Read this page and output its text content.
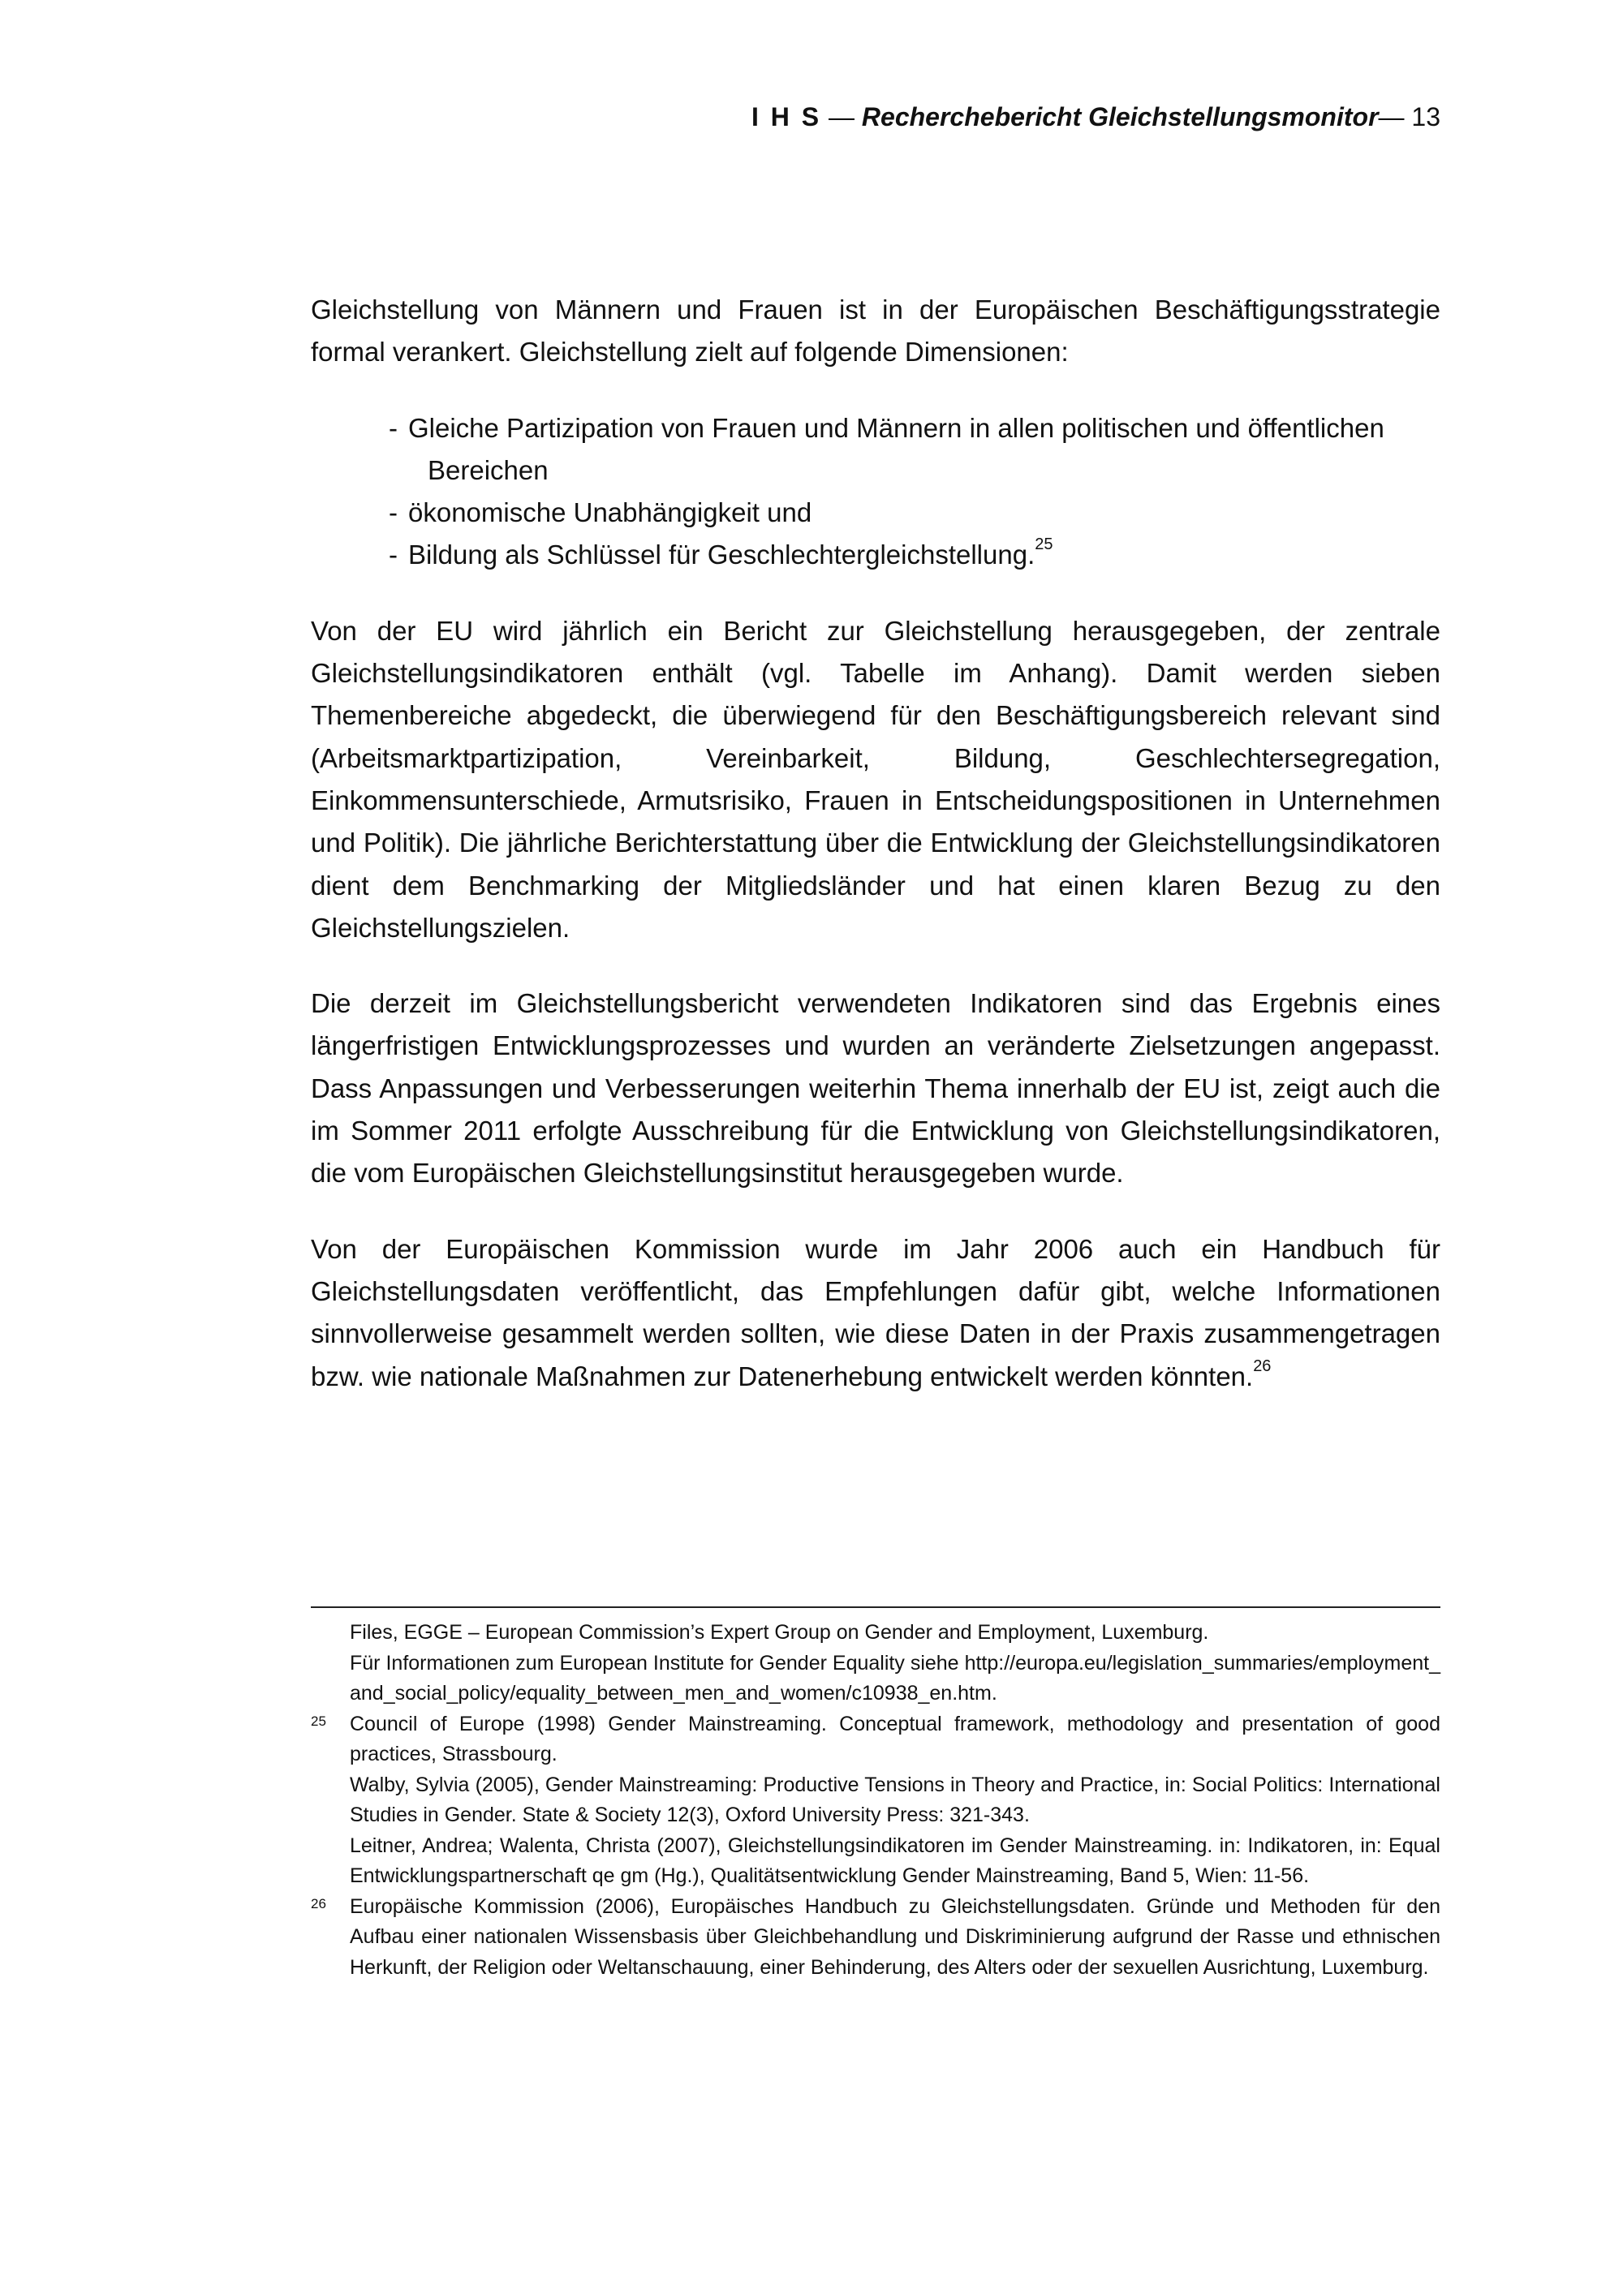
I H S — Recherchebericht Gleichstellungsmonitor— 13

Gleichstellung von Männern und Frauen ist in der Europäischen Beschäftigungsstrategie formal verankert. Gleichstellung zielt auf folgende Dimensionen:

- Gleiche Partizipation von Frauen und Männern in allen politischen und öffentlichen
Bereichen
- ökonomische Unabhängigkeit und
- Bildung als Schlüssel für Geschlechtergleichstellung.$^{25}$

Von der EU wird jährlich ein Bericht zur Gleichstellung herausgegeben, der zentrale Gleichstellungsindikatoren enthält (vgl. Tabelle im Anhang). Damit werden sieben Themenbereiche abgedeckt, die überwiegend für den Beschäftigungsbereich relevant sind (Arbeitsmarktpartizipation, Vereinbarkeit, Bildung, Geschlechtersegregation, Einkommensunterschiede, Armutsrisiko, Frauen in Entscheidungspositionen in Unternehmen und Politik). Die jährliche Berichterstattung über die Entwicklung der Gleichstellungsindikatoren dient dem Benchmarking der Mitgliedsländer und hat einen klaren Bezug zu den Gleichstellungszielen.

Die derzeit im Gleichstellungsbericht verwendeten Indikatoren sind das Ergebnis eines längerfristigen Entwicklungsprozesses und wurden an veränderte Zielsetzungen angepasst. Dass Anpassungen und Verbesserungen weiterhin Thema innerhalb der EU ist, zeigt auch die im Sommer 2011 erfolgte Ausschreibung für die Entwicklung von Gleichstellungsindikatoren, die vom Europäischen Gleichstellungsinstitut herausgegeben wurde.

Von der Europäischen Kommission wurde im Jahr 2006 auch ein Handbuch für Gleichstellungsdaten veröffentlicht, das Empfehlungen dafür gibt, welche Informationen sinnvollerweise gesammelt werden sollten, wie diese Daten in der Praxis zusammengetragen bzw. wie nationale Maßnahmen zur Datenerhebung entwickelt werden könnten.$^{26}$

Files, EGGE – European Commission’s Expert Group on Gender and Employment, Luxemburg.

Für Informationen zum European Institute for Gender Equality siehe http://europa.eu/legislation_summaries/employment_and_social_policy/equality_between_men_and_women/c10938_en.htm.

25 Council of Europe (1998) Gender Mainstreaming. Conceptual framework, methodology and presentation of good practices, Strassbourg.

Walby, Sylvia (2005), Gender Mainstreaming: Productive Tensions in Theory and Practice, in: Social Politics: International Studies in Gender. State & Society 12(3), Oxford University Press: 321-343.

Leitner, Andrea; Walenta, Christa (2007), Gleichstellungsindikatoren im Gender Mainstreaming. in: Indikatoren, in: Equal Entwicklungspartnerschaft qe gm (Hg.), Qualitätsentwicklung Gender Mainstreaming, Band 5, Wien: 11-56.

26 Europäische Kommission (2006), Europäisches Handbuch zu Gleichstellungsdaten. Gründe und Methoden für den Aufbau einer nationalen Wissensbasis über Gleichbehandlung und Diskriminierung aufgrund der Rasse und ethnischen Herkunft, der Religion oder Weltanschauung, einer Behinderung, des Alters oder der sexuellen Ausrichtung, Luxemburg.
